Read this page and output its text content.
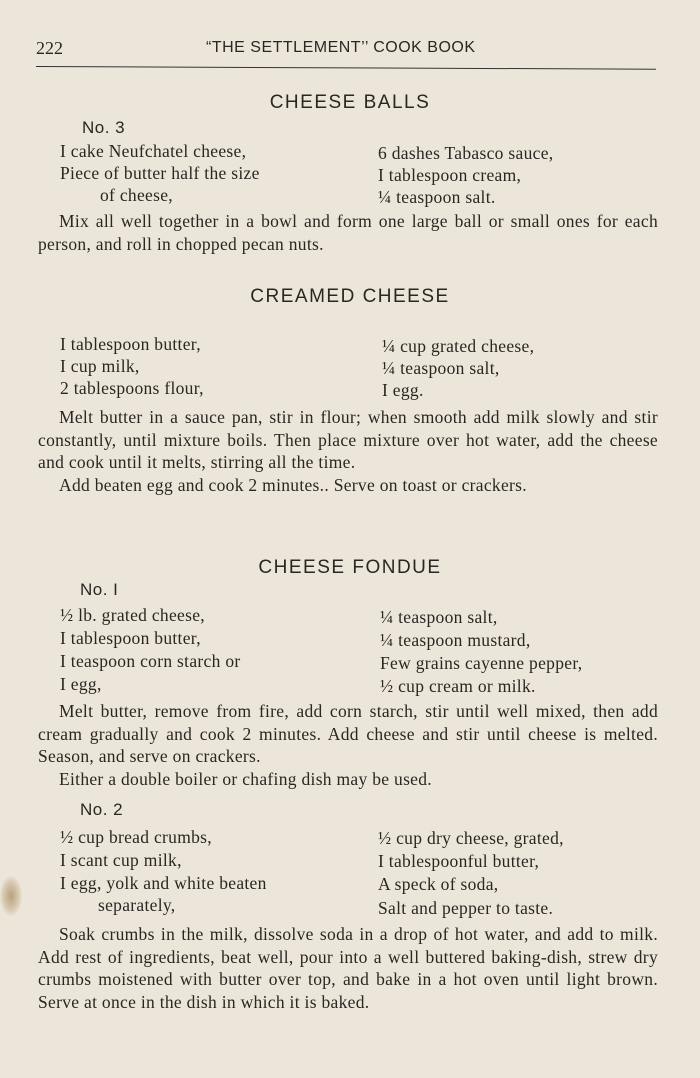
222	“THE SETTLEMENT’’ COOK BOOK
CHEESE BALLS
No. 3
I cake Neufchatel cheese,
Piece of butter half the size
of cheese,
6 dashes Tabasco sauce,
I tablespoon cream,
¼ teaspoon salt.

Mix all well together in a bowl and form one large ball or small ones for each person, and roll in chopped pecan nuts.

CREAMED CHEESE
I tablespoon butter,
I cup milk,
2 tablespoons flour,
¼ cup grated cheese,
¼ teaspoon salt,
I egg.

Melt butter in a sauce pan, stir in flour; when smooth add milk slowly and stir constantly, until mixture boils. Then place mixture over hot water, add the cheese and cook until it melts, stirring all the time.

Add beaten egg and cook 2 minutes.. Serve on toast or crackers.

CHEESE FONDUE
No. I
½ lb. grated cheese,
I tablespoon butter,
I teaspoon corn starch or
I egg,
¼ teaspoon salt,
¼ teaspoon mustard,
Few grains cayenne pepper,
½ cup cream or milk.

Melt butter, remove from fire, add corn starch, stir until well mixed, then add cream gradually and cook 2 minutes. Add cheese and stir until cheese is melted. Season, and serve on crackers.

Either a double boiler or chafing dish may be used.

No. 2
½ cup bread crumbs,
I scant cup milk,
I egg, yolk and white beaten
separately,
½ cup dry cheese, grated,
I tablespoonful butter,
A speck of soda,
Salt and pepper to taste.

Soak crumbs in the milk, dissolve soda in a drop of hot water, and add to milk. Add rest of ingredients, beat well, pour into a well buttered baking-dish, strew dry crumbs moistened with butter over top, and bake in a hot oven until light brown. Serve at once in the dish in which it is baked.
